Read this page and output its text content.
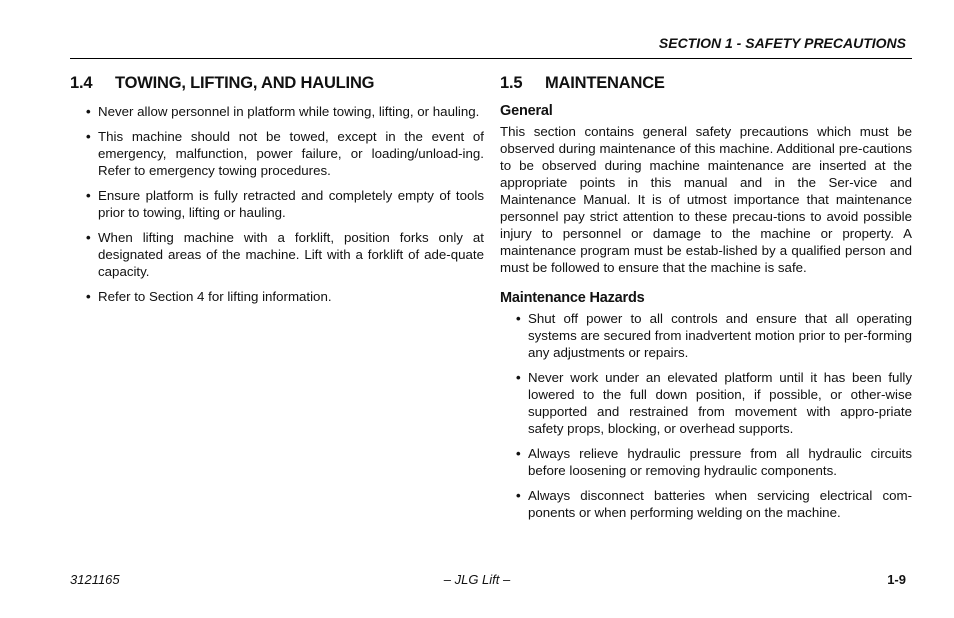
SECTION 1 - SAFETY PRECAUTIONS
1.4 TOWING, LIFTING, AND HAULING
• Never allow personnel in platform while towing, lifting, or hauling.
• This machine should not be towed, except in the event of emergency, malfunction, power failure, or loading/unload-ing. Refer to emergency towing procedures.
• Ensure platform is fully retracted and completely empty of tools prior to towing, lifting or hauling.
• When lifting machine with a forklift, position forks only at designated areas of the machine. Lift with a forklift of ade-quate capacity.
• Refer to Section 4 for lifting information.
1.5 MAINTENANCE
General

This section contains general safety precautions which must be observed during maintenance of this machine. Additional pre-cautions to be observed during machine maintenance are inserted at the appropriate points in this manual and in the Ser-vice and Maintenance Manual. It is of utmost importance that maintenance personnel pay strict attention to these precau-tions to avoid possible injury to personnel or damage to the machine or property. A maintenance program must be estab-lished by a qualified person and must be followed to ensure that the machine is safe.

Maintenance Hazards
• Shut off power to all controls and ensure that all operating systems are secured from inadvertent motion prior to per-forming any adjustments or repairs.
• Never work under an elevated platform until it has been fully lowered to the full down position, if possible, or other-wise supported and restrained from movement with appro-priate safety props, blocking, or overhead supports.
• Always relieve hydraulic pressure from all hydraulic circuits before loosening or removing hydraulic components.
• Always disconnect batteries when servicing electrical com-ponents or when performing welding on the machine.
– JLG Lift –
3121165	1-9
